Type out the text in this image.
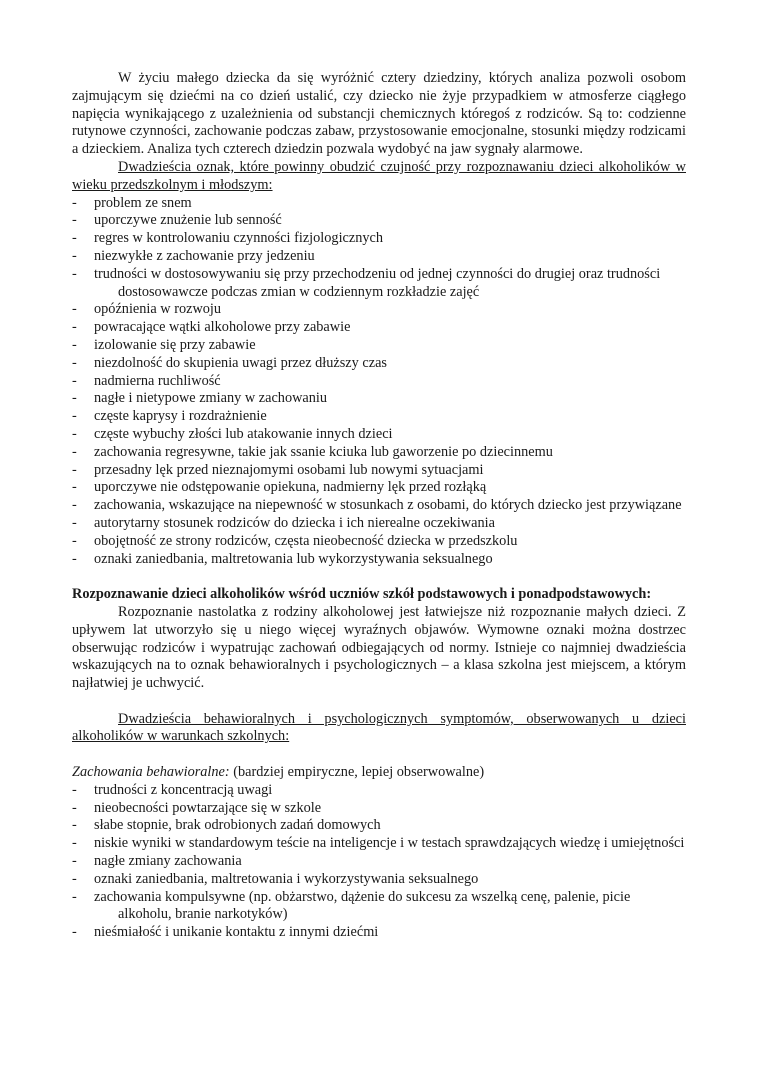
W życiu małego dziecka da się wyróżnić cztery dziedziny, których analiza pozwoli osobom zajmującym się dziećmi na co dzień ustalić, czy dziecko nie żyje przypadkiem w atmosferze ciągłego napięcia wynikającego z uzależnienia od substancji chemicznych któregoś z rodziców. Są to: codzienne rutynowe czynności, zachowanie podczas zabaw, przystosowanie emocjonalne, stosunki między rodzicami a dzieckiem. Analiza tych czterech dziedzin pozwala wydobyć na jaw sygnały alarmowe.

Dwadzieścia oznak, które powinny obudzić czujność przy rozpoznawaniu dzieci alkoholików w wieku przedszkolnym i młodszym:

- problem ze snem
- uporczywe znużenie lub senność
- regres w kontrolowaniu czynności fizjologicznych
- niezwykłe z zachowanie przy jedzeniu
- trudności w dostosowywaniu się przy przechodzeniu od jednej czynności do drugiej oraz trudności dostosowawcze podczas zmian w codziennym rozkładzie zajęć
- opóźnienia w rozwoju
- powracające wątki alkoholowe przy zabawie
- izolowanie się przy zabawie
- niezdolność do skupienia uwagi przez dłuższy czas
- nadmierna ruchliwość
- nagłe i nietypowe zmiany w zachowaniu
- częste kaprysy i rozdrażnienie
- częste wybuchy złości lub atakowanie innych dzieci
- zachowania regresywne, takie jak ssanie kciuka lub gaworzenie po dziecinnemu
- przesadny lęk przed nieznajomymi osobami lub nowymi sytuacjami
- uporczywe nie odstępowanie opiekuna, nadmierny lęk przed rozłąką
- zachowania, wskazujące na niepewność w stosunkach z osobami, do których dziecko jest przywiązane
- autorytarny stosunek rodziców do dziecka i ich nierealne oczekiwania
- obojętność ze strony rodziców, częsta nieobecność dziecka w przedszkolu
- oznaki zaniedbania, maltretowania lub wykorzystywania seksualnego

Rozpoznawanie dzieci alkoholików wśród uczniów szkół podstawowych i ponadpodstawowych:

Rozpoznanie nastolatka z rodziny alkoholowej jest łatwiejsze niż rozpoznanie małych dzieci. Z upływem lat utworzyło się u niego więcej wyraźnych objawów. Wymowne oznaki można dostrzec obserwując rodziców i wypatrując zachowań odbiegających od normy. Istnieje co najmniej dwadzieścia wskazujących na to oznak behawioralnych i psychologicznych – a klasa szkolna jest miejscem, a którym najłatwiej je uchwycić.

Dwadzieścia behawioralnych i psychologicznych symptomów, obserwowanych u dzieci alkoholików w warunkach szkolnych:

Zachowania behawioralne: (bardziej empiryczne, lepiej obserwowalne)

- trudności z koncentracją uwagi
- nieobecności powtarzające się w szkole
- słabe stopnie, brak odrobionych zadań domowych
- niskie wyniki w standardowym teście na inteligencje i w testach sprawdzających wiedzę i umiejętności
- nagłe zmiany zachowania
- oznaki zaniedbania, maltretowania i wykorzystywania seksualnego
- zachowania kompulsywne (np. obżarstwo, dążenie do sukcesu za wszelką cenę, palenie, picie alkoholu, branie narkotyków)
- nieśmiałość i unikanie kontaktu z innymi dziećmi
